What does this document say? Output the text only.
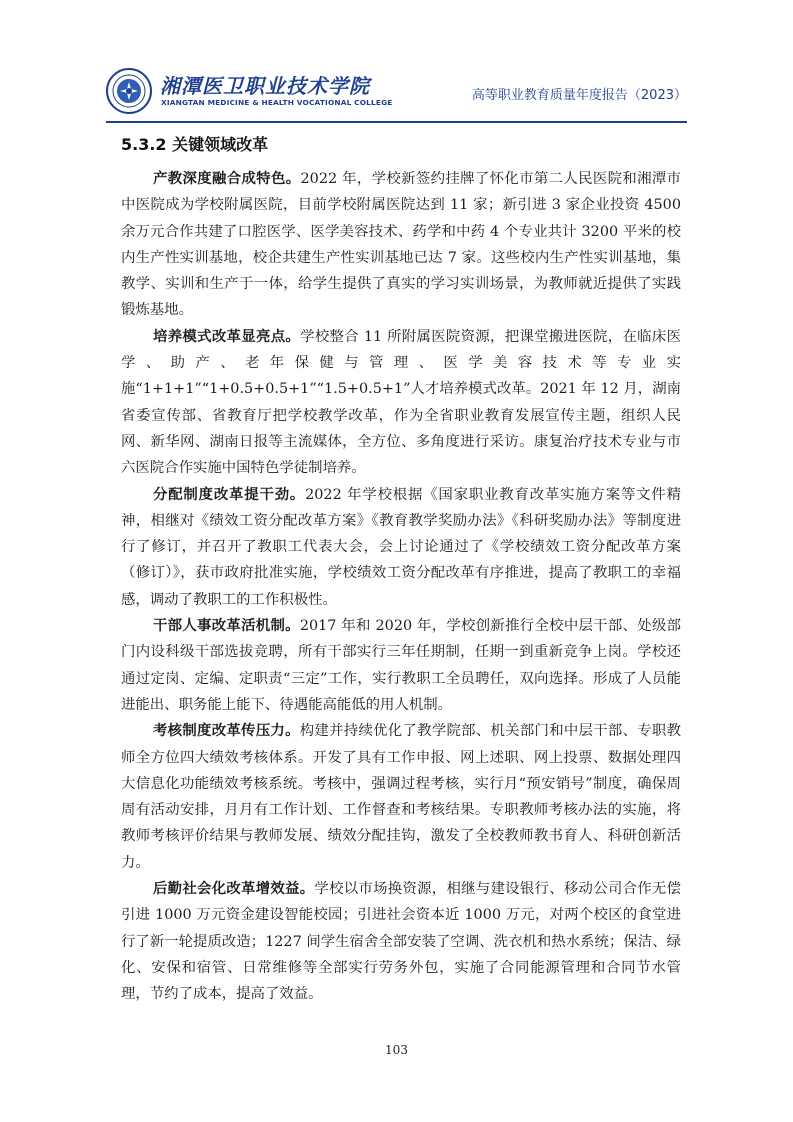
湘潭医卫职业技术学院
XIANGTAN MEDICINE & HEALTH VOCATIONAL COLLEGE	高等职业教育质量年度报告（2023）
5.3.2 关键领域改革

产教深度融合成特色。2022 年，学校新签约挂牌了怀化市第二人民医院和湘潭市中医院成为学校附属医院，目前学校附属医院达到 11 家；新引进 3 家企业投资 4500 余万元合作共建了口腔医学、医学美容技术、药学和中药 4 个专业共计 3200 平米的校内生产性实训基地，校企共建生产性实训基地已达 7 家。这些校内生产性实训基地，集教学、实训和生产于一体，给学生提供了真实的学习实训场景，为教师就近提供了实践锻炼基地。

培养模式改革显亮点。学校整合 11 所附属医院资源，把课堂搬进医院，在临床医学、助产、老年保健与管理、医学美容技术等专业实施“1+1+1”“1+0.5+0.5+1”“1.5+0.5+1”人才培养模式改革。2021 年 12 月，湖南省委宣传部、省教育厅把学校教学改革，作为全省职业教育发展宣传主题，组织人民网、新华网、湖南日报等主流媒体，全方位、多角度进行采访。康复治疗技术专业与市六医院合作实施中国特色学徒制培养。

分配制度改革提干劲。2022 年学校根据《国家职业教育改革实施方案等文件精神，相继对《绩效工资分配改革方案》《教育教学奖励办法》《科研奖励办法》等制度进行了修订，并召开了教职工代表大会，会上讨论通过了《学校绩效工资分配改革方案（修订）》，获市政府批准实施，学校绩效工资分配改革有序推进，提高了教职工的幸福感，调动了教职工的工作积极性。

干部人事改革活机制。2017 年和 2020 年，学校创新推行全校中层干部、处级部门内设科级干部选拔竞聘，所有干部实行三年任期制，任期一到重新竞争上岗。学校还通过定岗、定编、定职责“三定”工作，实行教职工全员聘任，双向选择。形成了人员能进能出、职务能上能下、待遇能高能低的用人机制。

考核制度改革传压力。构建并持续优化了教学院部、机关部门和中层干部、专职教师全方位四大绩效考核体系。开发了具有工作申报、网上述职、网上投票、数据处理四大信息化功能绩效考核系统。考核中，强调过程考核，实行月“预安销号”制度，确保周周有活动安排，月月有工作计划、工作督查和考核结果。专职教师考核办法的实施，将教师考核评价结果与教师发展、绩效分配挂钩，激发了全校教师教书育人、科研创新活力。

后勤社会化改革增效益。学校以市场换资源，相继与建设银行、移动公司合作无偿引进 1000 万元资金建设智能校园；引进社会资本近 1000 万元，对两个校区的食堂进行了新一轮提质改造；1227 间学生宿舍全部安装了空调、洗衣机和热水系统；保洁、绿化、安保和宿管、日常维修等全部实行劳务外包，实施了合同能源管理和合同节水管理，节约了成本，提高了效益。

103
